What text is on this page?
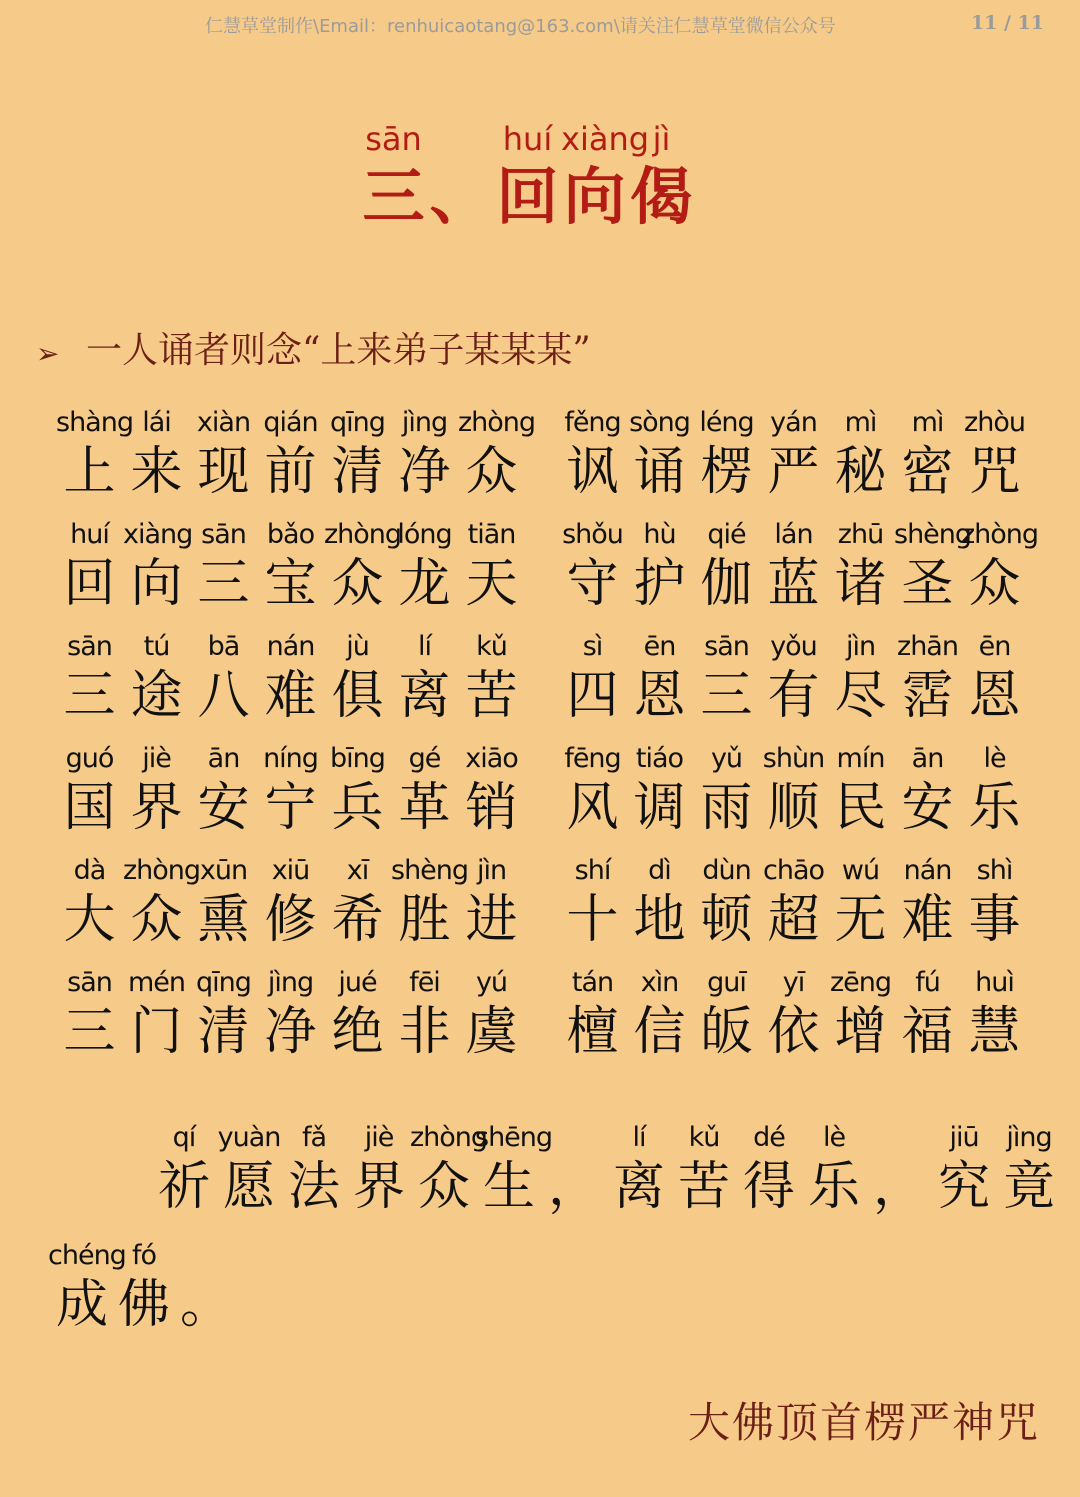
仁慧草堂制作\Email：renhuicaotang@163.com\请关注仁慧草堂微信公众号	11 / 11
sān	huí xiàng jì
三 、 回 向 偈
➢ 一人诵者则念“上来弟子某某某”
shàng
上
lái
来
xiàn
现
qián
前
qīng
清
jìng
净
zhòng
众
fěng
讽
sòng
诵
léng
楞
yán
严
mì
秘
mì
密
zhòu
咒
huí
回
xiàng
向
sān
三
bǎo
宝
zhòng
众
lóng
龙
tiān
天
shǒu
守
hù
护
qié
伽
lán
蓝
zhū
诸
shèng
圣
zhòng
众
sān
三
tú
途
bā
八
nán
难
jù
俱
lí
离
kǔ
苦
sì
四
ēn
恩
sān
三
yǒu
有
jìn
尽
zhān
霑
ēn
恩
guó
国
jiè
界
ān
安
níng
宁
bīng
兵
gé
革
xiāo
销
fēng
风
tiáo
调
yǔ
雨
shùn
顺
mín
民
ān
安
lè
乐
dà
大
zhòng
众
xūn
熏
xiū
修
xī
希
shèng
胜
jìn
进
shí
十
dì
地
dùn
顿
chāo
超
wú
无
nán
难
shì
事
sān
三
mén
门
qīng
清
jìng
净
jué
绝
fēi
非
yú
虞
tán
檀
xìn
信
guī
皈
yī
依
zēng
增
fú
福
huì
慧
qí
祈
yuàn
愿
fǎ
法
jiè
界
zhòng
众
shēng
生 ，
lí
离
kǔ
苦
dé
得
lè
乐 ，
jiū
究
jìng
竟
chéng
成
fó
佛 。
大佛顶首楞严神咒
